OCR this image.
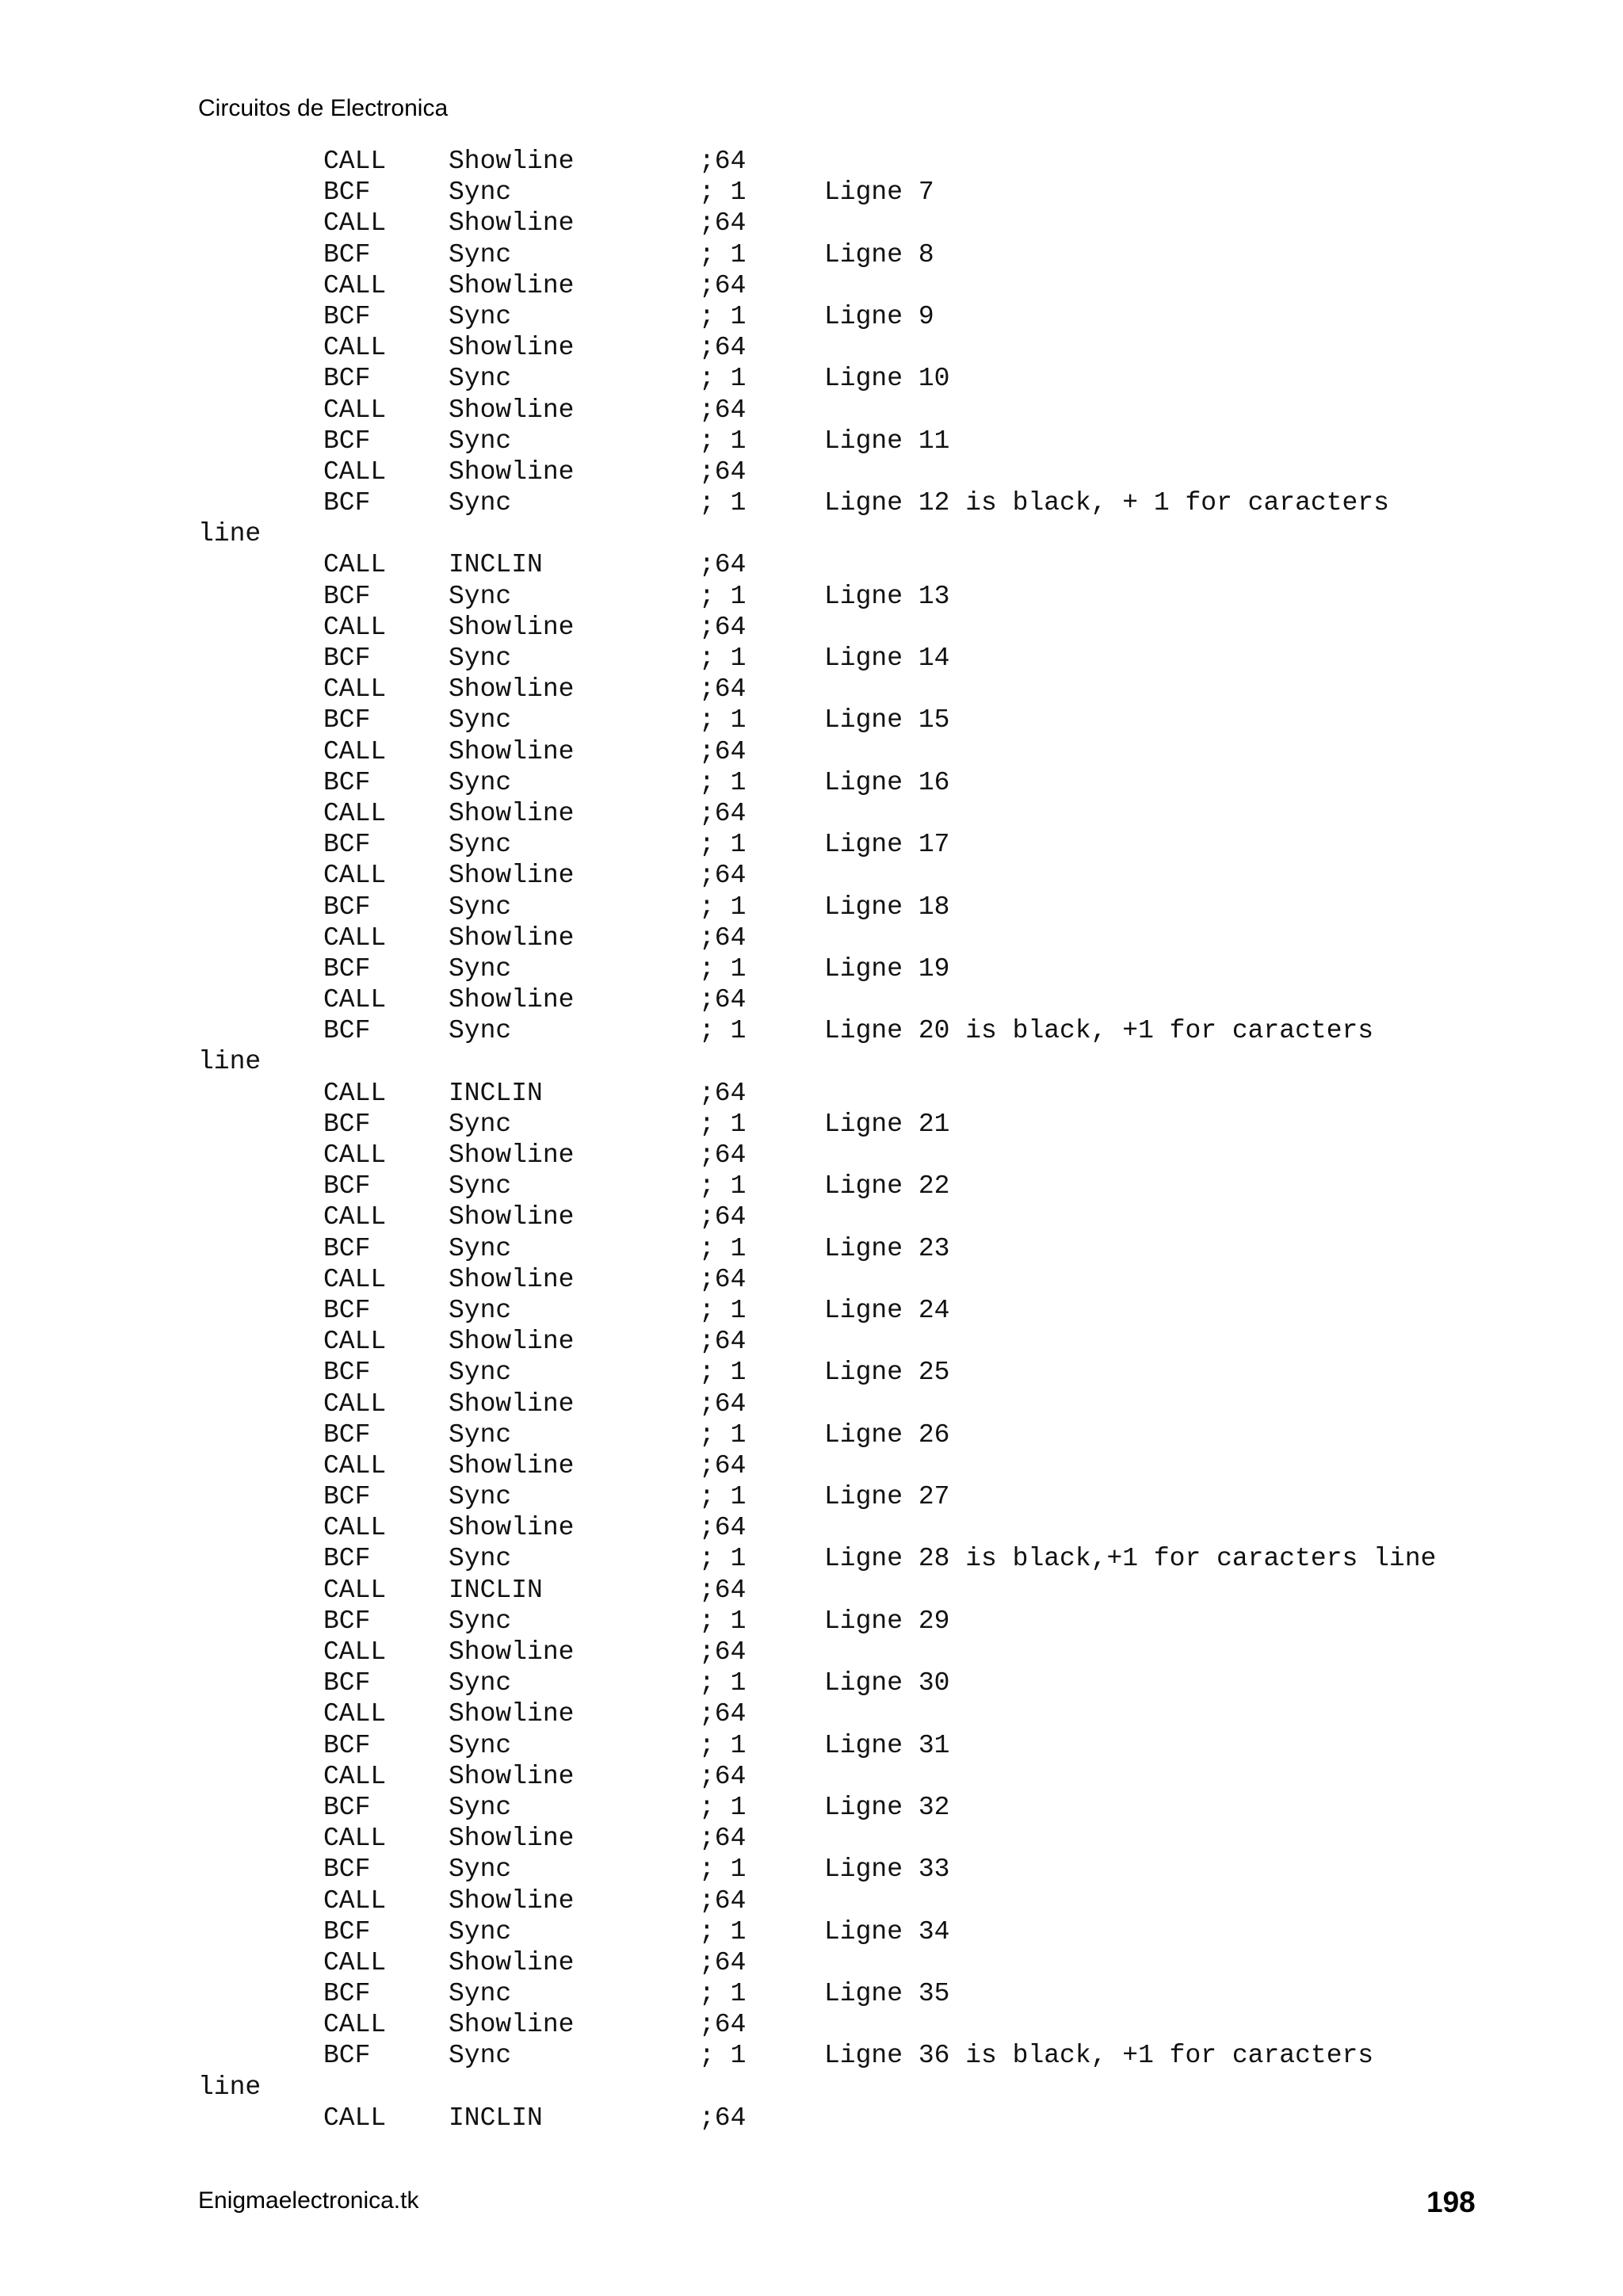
Circuitos de Electronica
CALL Showline	;64
BCF	Sync	; 1	Ligne 7
CALL Showline	;64
BCF	Sync	; 1	Ligne 8
CALL Showline	;64
BCF	Sync	; 1	Ligne 9
CALL Showline	;64
BCF	Sync	; 1	Ligne 10
CALL Showline	;64
BCF	Sync	; 1	Ligne 11
CALL Showline	;64
BCF	Sync	; 1	Ligne 12 is black, + 1 for caracters
line
CALL INCLIN	;64
BCF	Sync	; 1	Ligne 13
CALL Showline	;64
BCF	Sync	; 1	Ligne 14
CALL Showline	;64
BCF	Sync	; 1	Ligne 15
CALL Showline	;64
BCF	Sync	; 1	Ligne 16
CALL Showline	;64
BCF	Sync	; 1	Ligne 17
CALL Showline	;64
BCF	Sync	; 1	Ligne 18
CALL Showline	;64
BCF	Sync	; 1	Ligne 19
CALL Showline	;64
BCF	Sync	; 1	Ligne 20 is black, +1 for caracters
line
CALL INCLIN	;64
BCF	Sync	; 1	Ligne 21
CALL Showline	;64
BCF	Sync	; 1	Ligne 22
CALL Showline	;64
BCF	Sync	; 1	Ligne 23
CALL Showline	;64
BCF	Sync	; 1	Ligne 24
CALL Showline	;64
BCF	Sync	; 1	Ligne 25
CALL Showline	;64
BCF	Sync	; 1	Ligne 26
CALL Showline	;64
BCF	Sync	; 1	Ligne 27
CALL Showline	;64
BCF	Sync	; 1	Ligne 28 is black,+1 for caracters line
CALL INCLIN	;64
BCF	Sync	; 1	Ligne 29
CALL Showline	;64
BCF	Sync	; 1	Ligne 30
CALL Showline	;64
BCF	Sync	; 1	Ligne 31
CALL Showline	;64
BCF	Sync	; 1	Ligne 32
CALL Showline	;64
BCF	Sync	; 1	Ligne 33
CALL Showline	;64
BCF	Sync	; 1	Ligne 34
CALL Showline	;64
BCF	Sync	; 1	Ligne 35
CALL Showline	;64
BCF	Sync	; 1	Ligne 36 is black, +1 for caracters
line
CALL INCLIN	;64
Enigmaelectronica.tk	198
